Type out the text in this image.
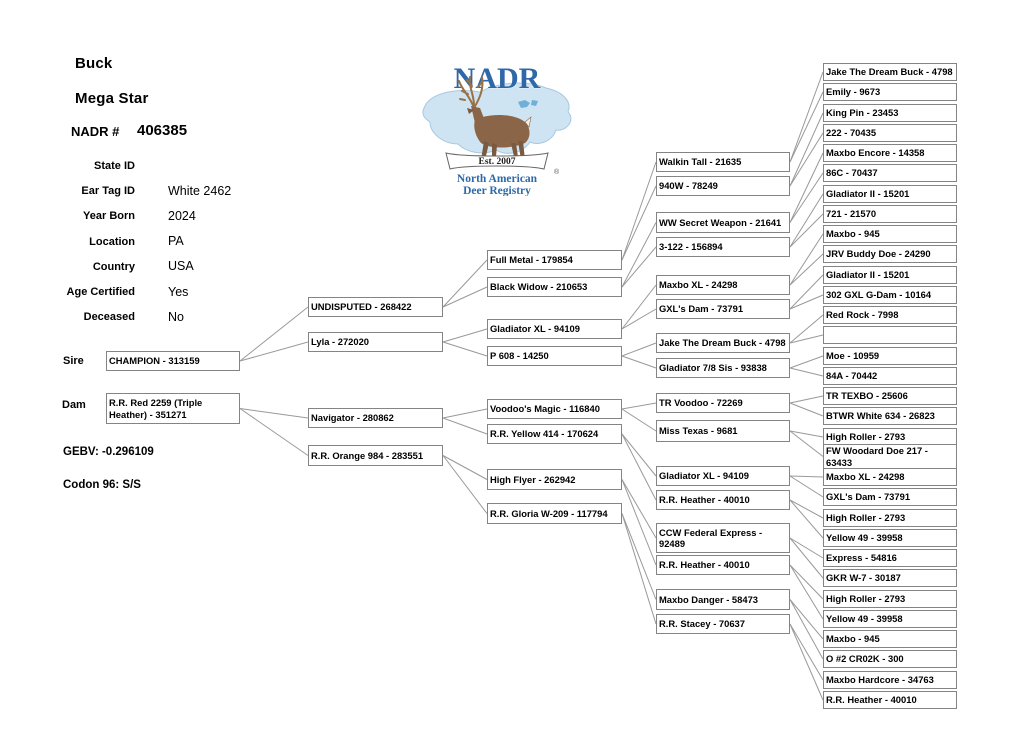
Buck
Mega Star
NADR # 406385
State ID
Ear Tag ID	White 2462
Year Born	2024
Location	PA
Country	USA
Age Certified	Yes
Deceased	No
Sire
Dam
GEBV: -0.296109
Codon 96: S/S
NADR
Est. 2007
®
North American
Deer Registry
CHAMPION - 313159
R.R. Red 2259 (Triple Heather) - 351271
UNDISPUTED - 268422
Lyla - 272020
Navigator - 280862
R.R. Orange 984 - 283551
Full Metal - 179854
Black Widow - 210653
Gladiator XL - 94109
P 608 - 14250
Voodoo's Magic - 116840
R.R. Yellow 414 - 170624
High Flyer - 262942
R.R. Gloria W-209 - 117794
Walkin Tall - 21635
940W - 78249
WW Secret Weapon - 21641
3-122 - 156894
Maxbo XL - 24298
GXL's Dam - 73791
Jake The Dream Buck - 4798
Gladiator 7/8 Sis - 93838
TR Voodoo - 72269
Miss Texas - 9681
Gladiator XL - 94109
R.R. Heather - 40010
CCW Federal Express - 92489
R.R. Heather - 40010
Maxbo Danger - 58473
R.R. Stacey - 70637
Jake The Dream Buck - 4798
Emily - 9673
King Pin - 23453
222 - 70435
Maxbo Encore - 14358
86C - 70437
Gladiator II - 15201
721 - 21570
Maxbo - 945
JRV Buddy Doe - 24290
Gladiator II - 15201
302 GXL G-Dam - 10164
Red Rock - 7998
Moe - 10959
84A - 70442
TR TEXBO - 25606
BTWR White 634 - 26823
High Roller - 2793
FW Woodard Doe 217 - 63433
Maxbo XL - 24298
GXL's Dam - 73791
High Roller - 2793
Yellow 49 - 39958
Express - 54816
GKR W-7 - 30187
High Roller - 2793
Yellow 49 - 39958
Maxbo - 945
O #2 CR02K - 300
Maxbo Hardcore - 34763
R.R. Heather - 40010
